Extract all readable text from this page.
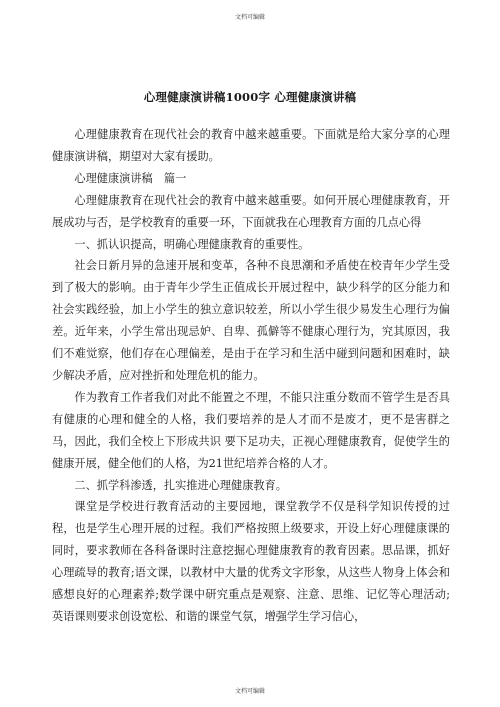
文档可编辑
心理健康演讲稿1000字 心理健康演讲稿

心理健康教育在现代社会的教育中越来越重要。下面就是给大家分享的心理健康演讲稿，期望对大家有援助。

心理健康演讲稿　篇一

心理健康教育在现代社会的教育中越来越重要。如何开展心理健康教育，开展成功与否，是学校教育的重要一环，下面就我在心理教育方面的几点心得

一、抓认识提高，明确心理健康教育的重要性。

社会日新月异的急速开展和变革，各种不良思潮和矛盾使在校青年少学生受到了极大的影响。由于青年少学生正值成长开展过程中，缺少科学的区分能力和社会实践经验，加上小学生的独立意识较差，所以小学生很少易发生心理行为偏差。近年来，小学生常出现忌妒、自卑、孤僻等不健康心理行为，究其原因，我们不难觉察，他们存在心理偏差，是由于在学习和生活中碰到问题和困难时，缺少解决矛盾，应对挫折和处理危机的能力。

作为教育工作者我们对此不能置之不理，不能只注重分数而不管学生是否具有健康的心理和健全的人格，我们要培养的是人才而不是废才，更不是害群之马，因此，我们全校上下形成共识 要下足功夫，正视心理健康教育，促使学生的健康开展，健全他们的人格，为21世纪培养合格的人才。

二、抓学科渗透，扎实推进心理健康教育。

课堂是学校进行教育活动的主要园地，课堂教学不仅是科学知识传授的过程，也是学生心理开展的过程。我们严格按照上级要求，开设上好心理健康课的同时，要求教师在各科备课时注意挖掘心理健康教育的教育因素。思品课，抓好心理疏导的教育;语文课，以教材中大量的优秀文字形象，从这些人物身上体会和感想良好的心理素养;数学课中研究重点是观察、注意、思维、记忆等心理活动;英语课则要求创设宽松、和谐的课堂气氛，增强学生学习信心，

文档可编辑
